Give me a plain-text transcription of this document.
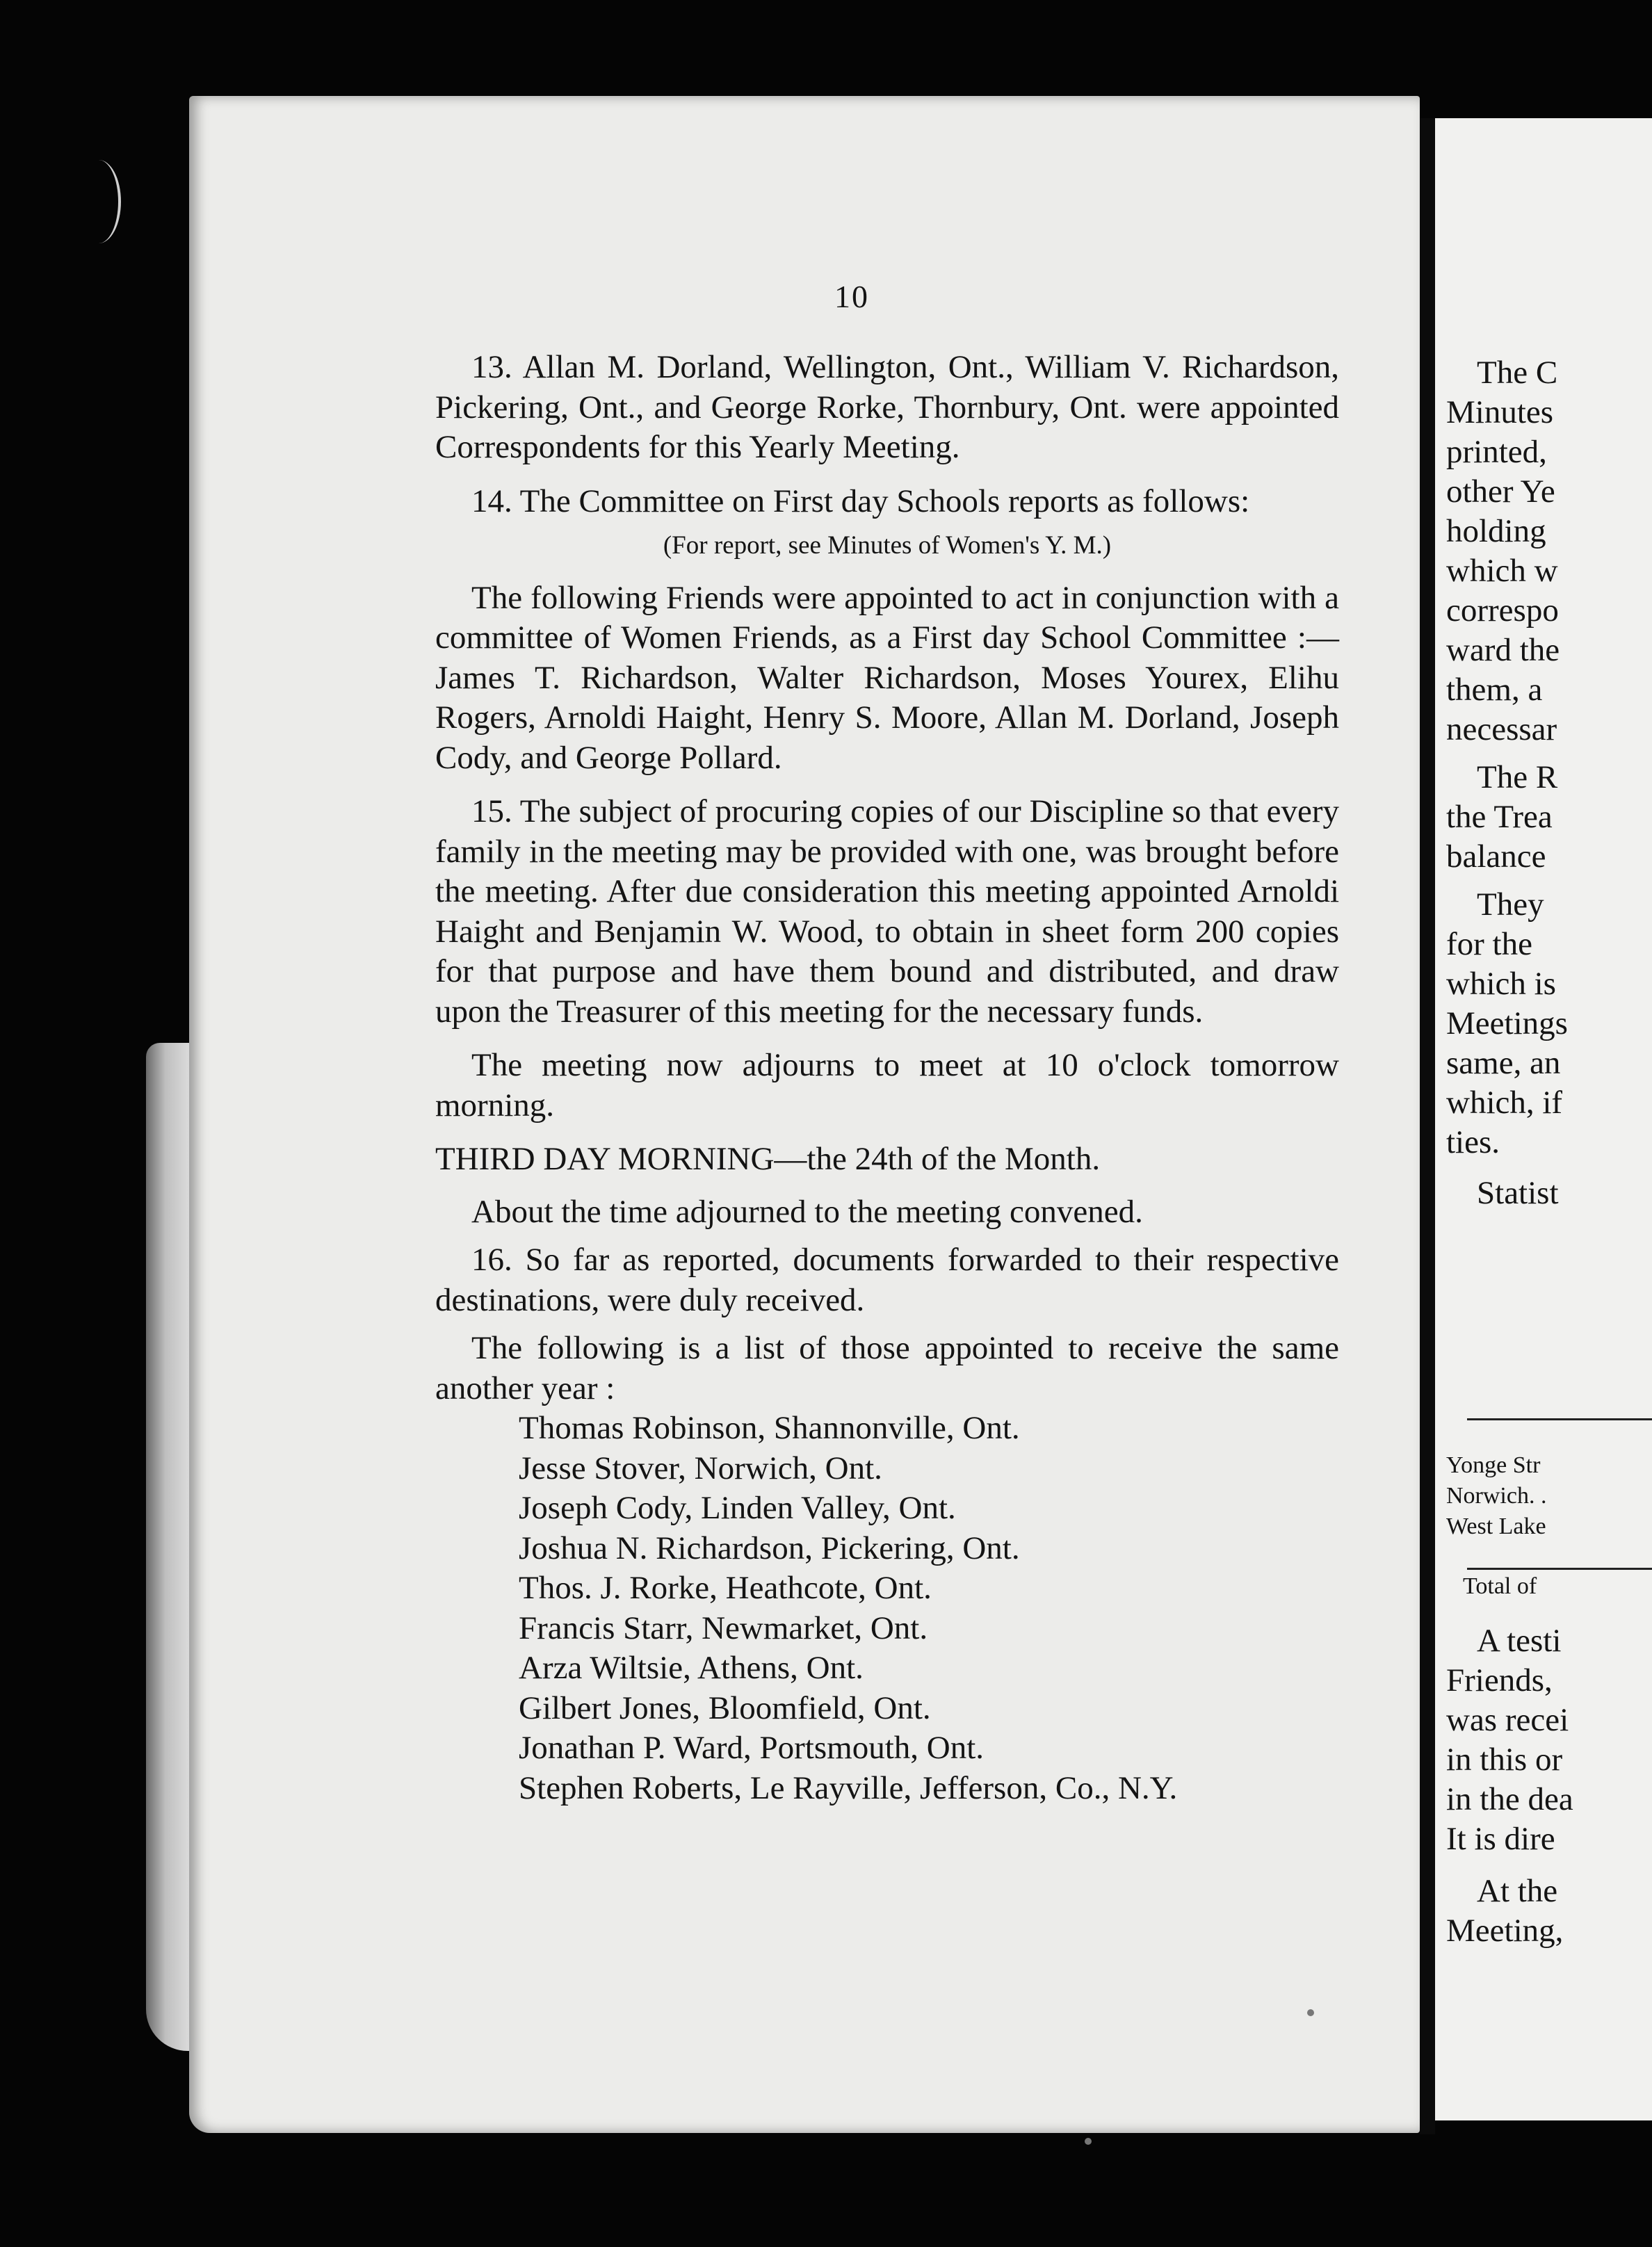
10

13. Allan M. Dorland, Wellington, Ont., William V. Richardson, Pickering, Ont., and George Rorke, Thornbury, Ont. were appointed Correspondents for this Yearly Meeting.

14. The Committee on First day Schools reports as follows:

(For report, see Minutes of Women's Y. M.)

The following Friends were appointed to act in conjunction with a committee of Women Friends, as a First day School Committee :—James T. Richardson, Walter Richardson, Moses Yourex, Elihu Rogers, Arnoldi Haight, Henry S. Moore, Allan M. Dorland, Joseph Cody, and George Pollard.

15. The subject of procuring copies of our Discipline so that every family in the meeting may be provided with one, was brought before the meeting. After due consideration this meeting appointed Arnoldi Haight and Benjamin W. Wood, to obtain in sheet form 200 copies for that purpose and have them bound and distributed, and draw upon the Treasurer of this meeting for the necessary funds.

The meeting now adjourns to meet at 10 o'clock tomorrow morning.

THIRD DAY MORNING—the 24th of the Month.

About the time adjourned to the meeting convened.

16. So far as reported, documents forwarded to their respective destinations, were duly received.

The following is a list of those appointed to receive the same another year :

Thomas Robinson, Shannonville, Ont.
Jesse Stover, Norwich, Ont.
Joseph Cody, Linden Valley, Ont.
Joshua N. Richardson, Pickering, Ont.
Thos. J. Rorke, Heathcote, Ont.
Francis Starr, Newmarket, Ont.
Arza Wiltsie, Athens, Ont.
Gilbert Jones, Bloomfield, Ont.
Jonathan P. Ward, Portsmouth, Ont.
Stephen Roberts, Le Rayville, Jefferson, Co., N.Y.
The C
Minutes
printed,
other Ye
holding
which w
correspo
ward the
them, a
necessar
The R
the Trea
balance
They
for the
which is
Meetings
same, an
which, if
ties.
Statist
Yonge Str
Norwich. .
West Lake
Total of
A testi
Friends,
was recei
in this or
in the dea
It is dire
At the
Meeting,
